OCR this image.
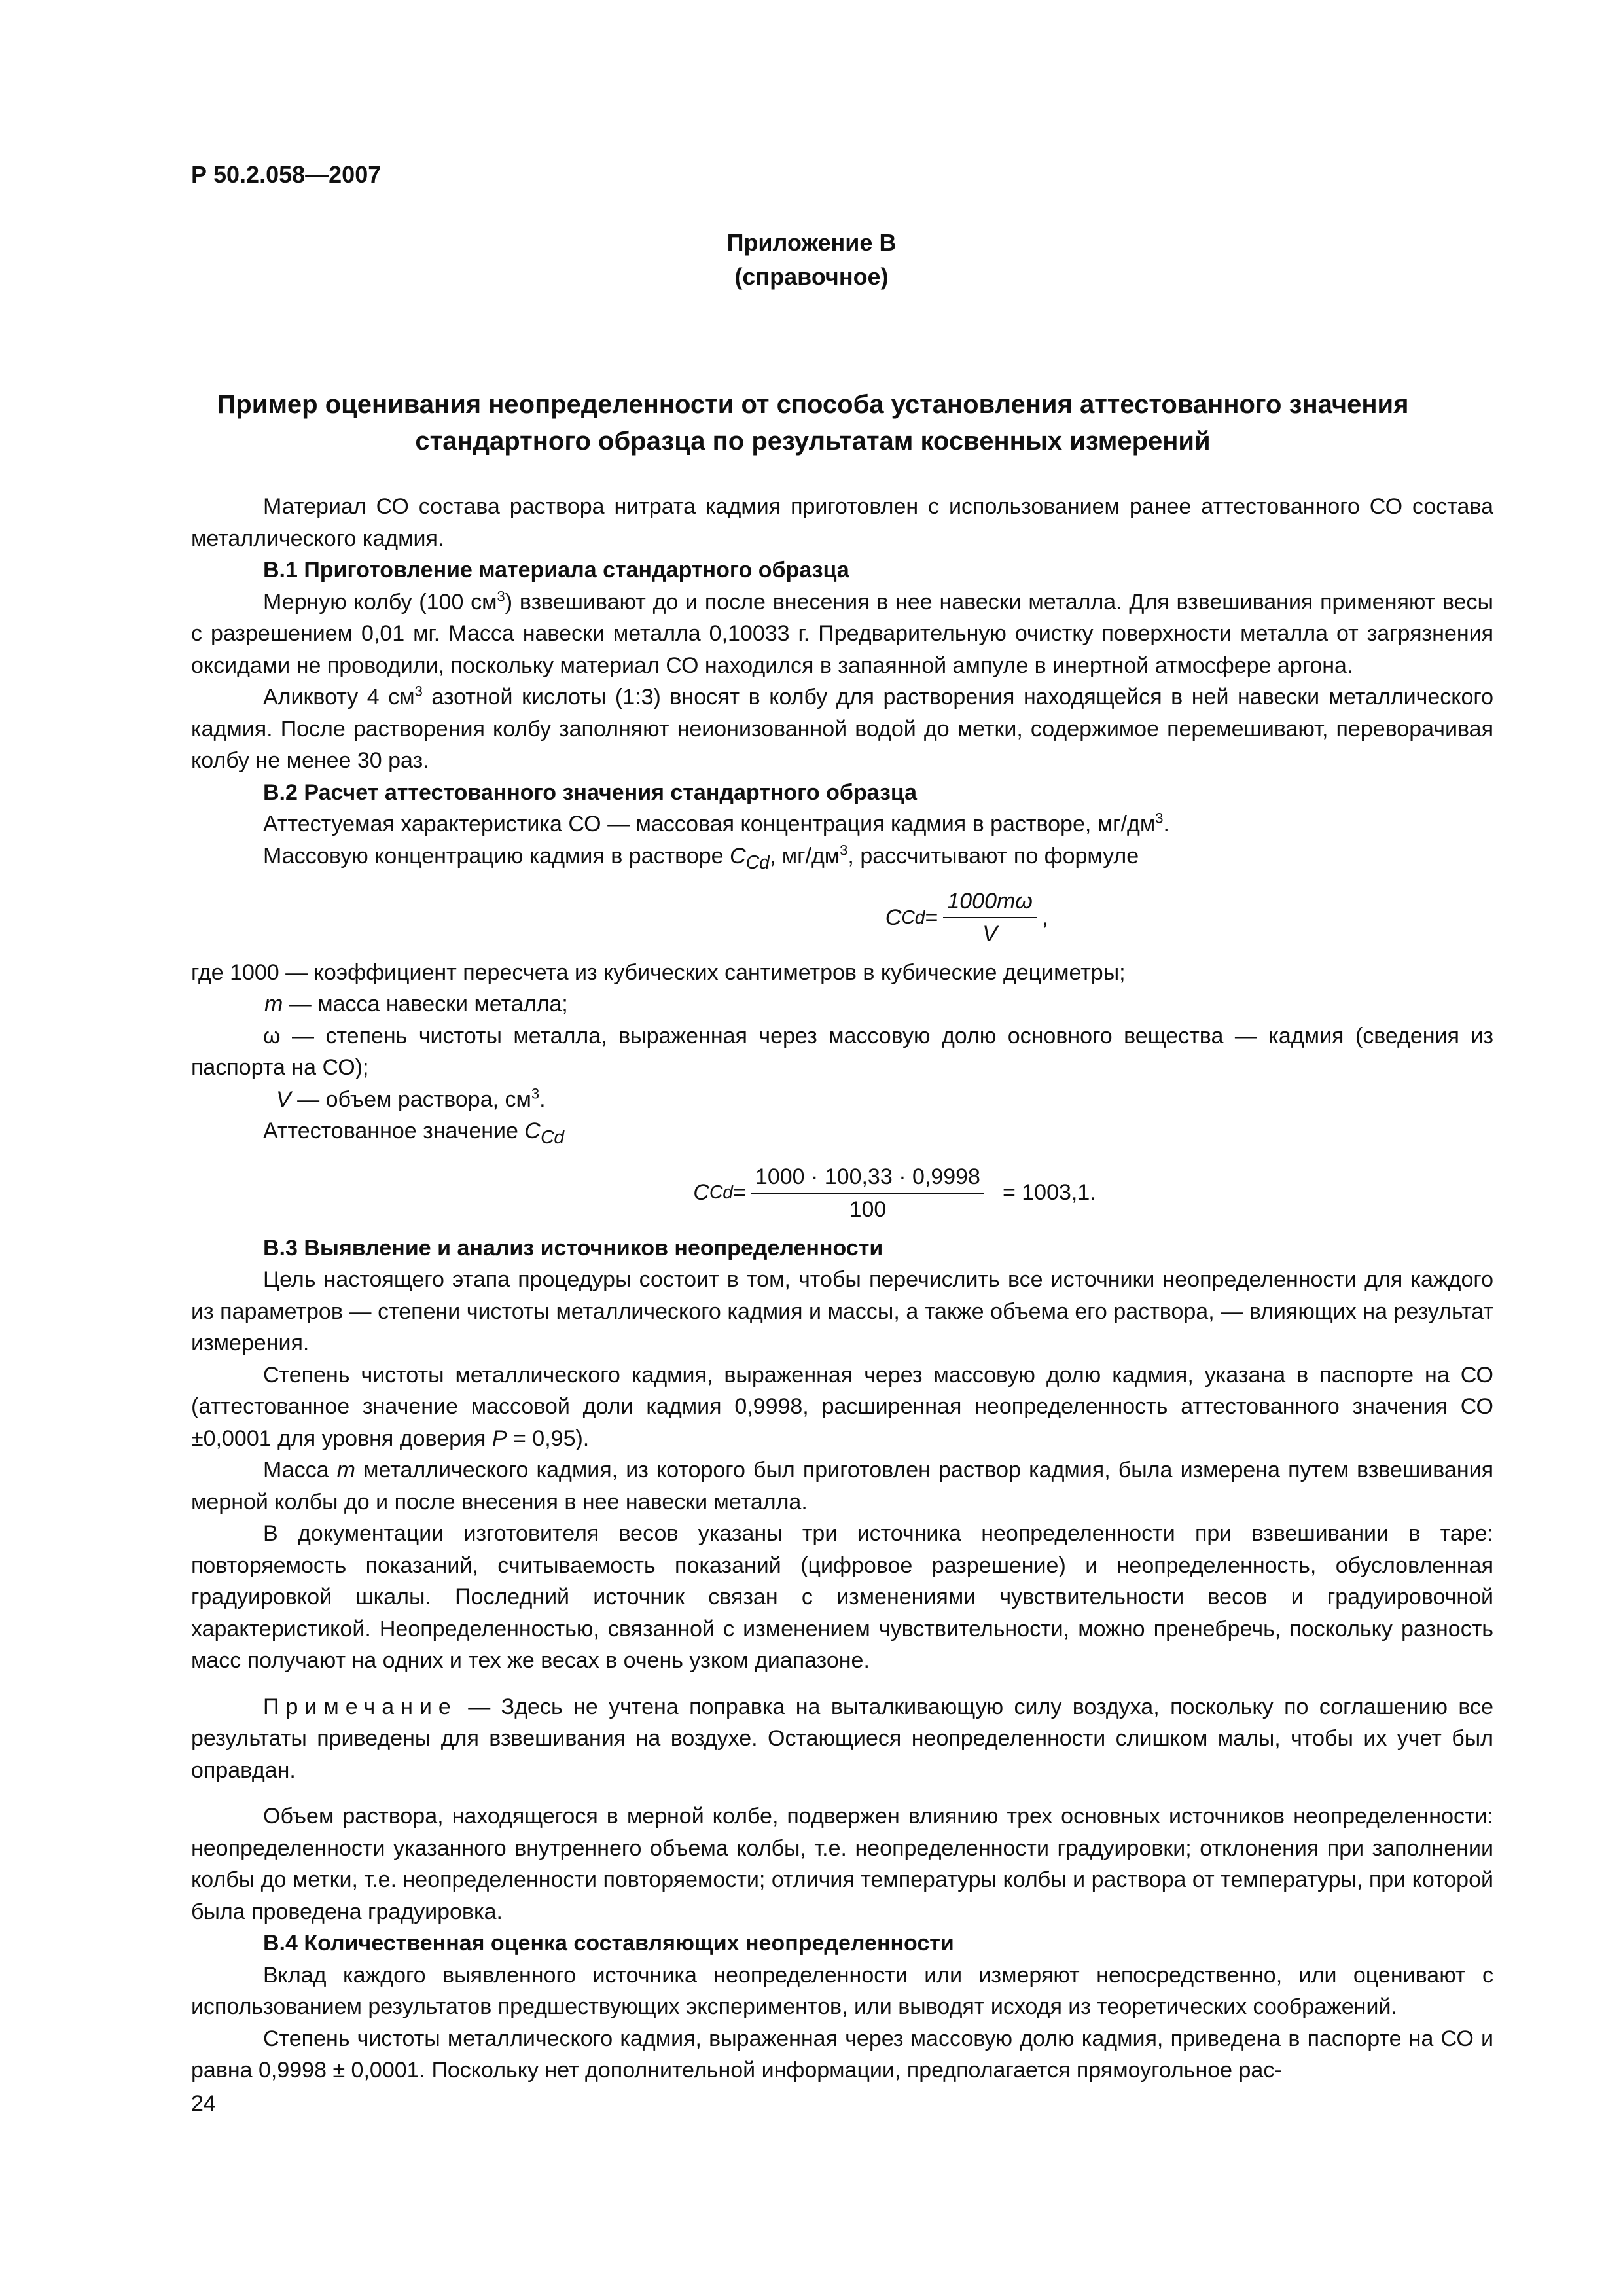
Р 50.2.058—2007
Приложение В
(справочное)
Пример оценивания неопределенности от способа установления аттестованного значения стандартного образца по результатам косвенных измерений

Материал СО состава раствора нитрата кадмия приготовлен с использованием ранее аттестованного СО состава металлического кадмия.

В.1 Приготовление материала стандартного образца

Мерную колбу (100 $см^3$) взвешивают до и после внесения в нее навески металла. Для взвешивания применяют весы с разрешением 0,01 мг. Масса навески металла 0,10033 г. Предварительную очистку поверхности металла от загрязнения оксидами не проводили, поскольку материал СО находился в запаянной ампуле в инертной атмосфере аргона.

Аликвоту 4 $см^3$ азотной кислоты (1:3) вносят в колбу для растворения находящейся в ней навески металлического кадмия. После растворения колбу заполняют неионизованной водой до метки, содержимое перемешивают, переворачивая колбу не менее 30 раз.

В.2 Расчет аттестованного значения стандартного образца

Аттестуемая характеристика СО — массовая концентрация кадмия в растворе, $мг/дм^3$.

Массовую концентрацию кадмия в растворе $C_{Cd}$, $мг/дм^3$, рассчитывают по формуле

C $Cd = \frac{1000m\omega}{V}$ ,

где 1000 — коэффициент пересчета из кубических сантиметров в кубические дециметры;

m — масса навески металла;

ω — степень чистоты металла, выраженная через массовую долю основного вещества — кадмия (сведения из паспорта на СО);

V — объем раствора, $см^3$.

Аттестованное значение $C_{Cd}$

C $Cd = \frac{1000 \cdot 100,33 \cdot 0,9998}{100} = 1003,1$.
В.3 Выявление и анализ источников неопределенности

Цель настоящего этапа процедуры состоит в том, чтобы перечислить все источники неопределенности для каждого из параметров — степени чистоты металлического кадмия и массы, а также объема его раствора, — влияющих на результат измерения.

Степень чистоты металлического кадмия, выраженная через массовую долю кадмия, указана в паспорте на СО (аттестованное значение массовой доли кадмия 0,9998, расширенная неопределенность аттестованного значения СО ±0,0001 для уровня доверия P = 0,95).

Масса m металлического кадмия, из которого был приготовлен раствор кадмия, была измерена путем взвешивания мерной колбы до и после внесения в нее навески металла.

В документации изготовителя весов указаны три источника неопределенности при взвешивании в таре: повторяемость показаний, считываемость показаний (цифровое разрешение) и неопределенность, обусловленная градуировкой шкалы. Последний источник связан с изменениями чувствительности весов и градуировочной характеристикой. Неопределенностью, связанной с изменением чувствительности, можно пренебречь, поскольку разность масс получают на одних и тех же весах в очень узком диапазоне.

Примечание — Здесь не учтена поправка на выталкивающую силу воздуха, поскольку по соглашению все результаты приведены для взвешивания на воздухе. Остающиеся неопределенности слишком малы, чтобы их учет был оправдан.

Объем раствора, находящегося в мерной колбе, подвержен влиянию трех основных источников неопределенности: неопределенности указанного внутреннего объема колбы, т.е. неопределенности градуировки; отклонения при заполнении колбы до метки, т.е. неопределенности повторяемости; отличия температуры колбы и раствора от температуры, при которой была проведена градуировка.

В.4 Количественная оценка составляющих неопределенности

Вклад каждого выявленного источника неопределенности или измеряют непосредственно, или оценивают с использованием результатов предшествующих экспериментов, или выводят исходя из теоретических соображений.

Степень чистоты металлического кадмия, выраженная через массовую долю кадмия, приведена в паспорте на СО и равна 0,9998 ± 0,0001. Поскольку нет дополнительной информации, предполагается прямоугольное рас-

24
